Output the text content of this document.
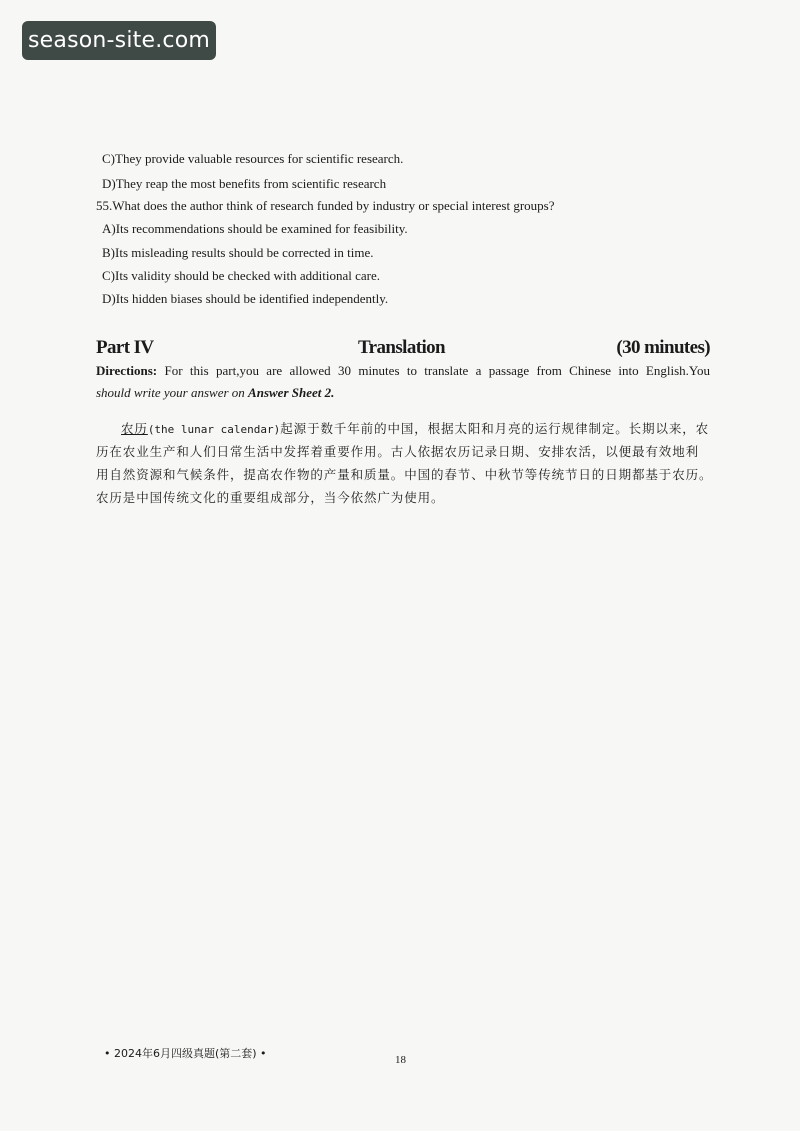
season-site.com
C)They provide valuable resources for scientific research.
D)They reap the most benefits from scientific research
55.What does the author think of research funded by industry or special interest groups?
A)Its recommendations should be examined for feasibility.
B)Its misleading results should be corrected in time.
C)Its validity should be checked with additional care.
D)Its hidden biases should be identified independently.
Part IV	Translation	(30 minutes)
Directions: For this part,you are allowed 30 minutes to translate a passage from Chinese into English.You
should write your answer on Answer Sheet 2.
农历(the lunar calendar)起源于数千年前的中国，根据太阳和月亮的运行规律制定。长期以来，农
历在农业生产和人们日常生活中发挥着重要作用。古人依据农历记录日期、安排农活，以便最有效地利
用自然资源和气候条件，提高农作物的产量和质量。中国的春节、中秋节等传统节日的日期都基于农历。
农历是中国传统文化的重要组成部分，当今依然广为使用。
• 2024年6月四级真题(第二套) •	18
